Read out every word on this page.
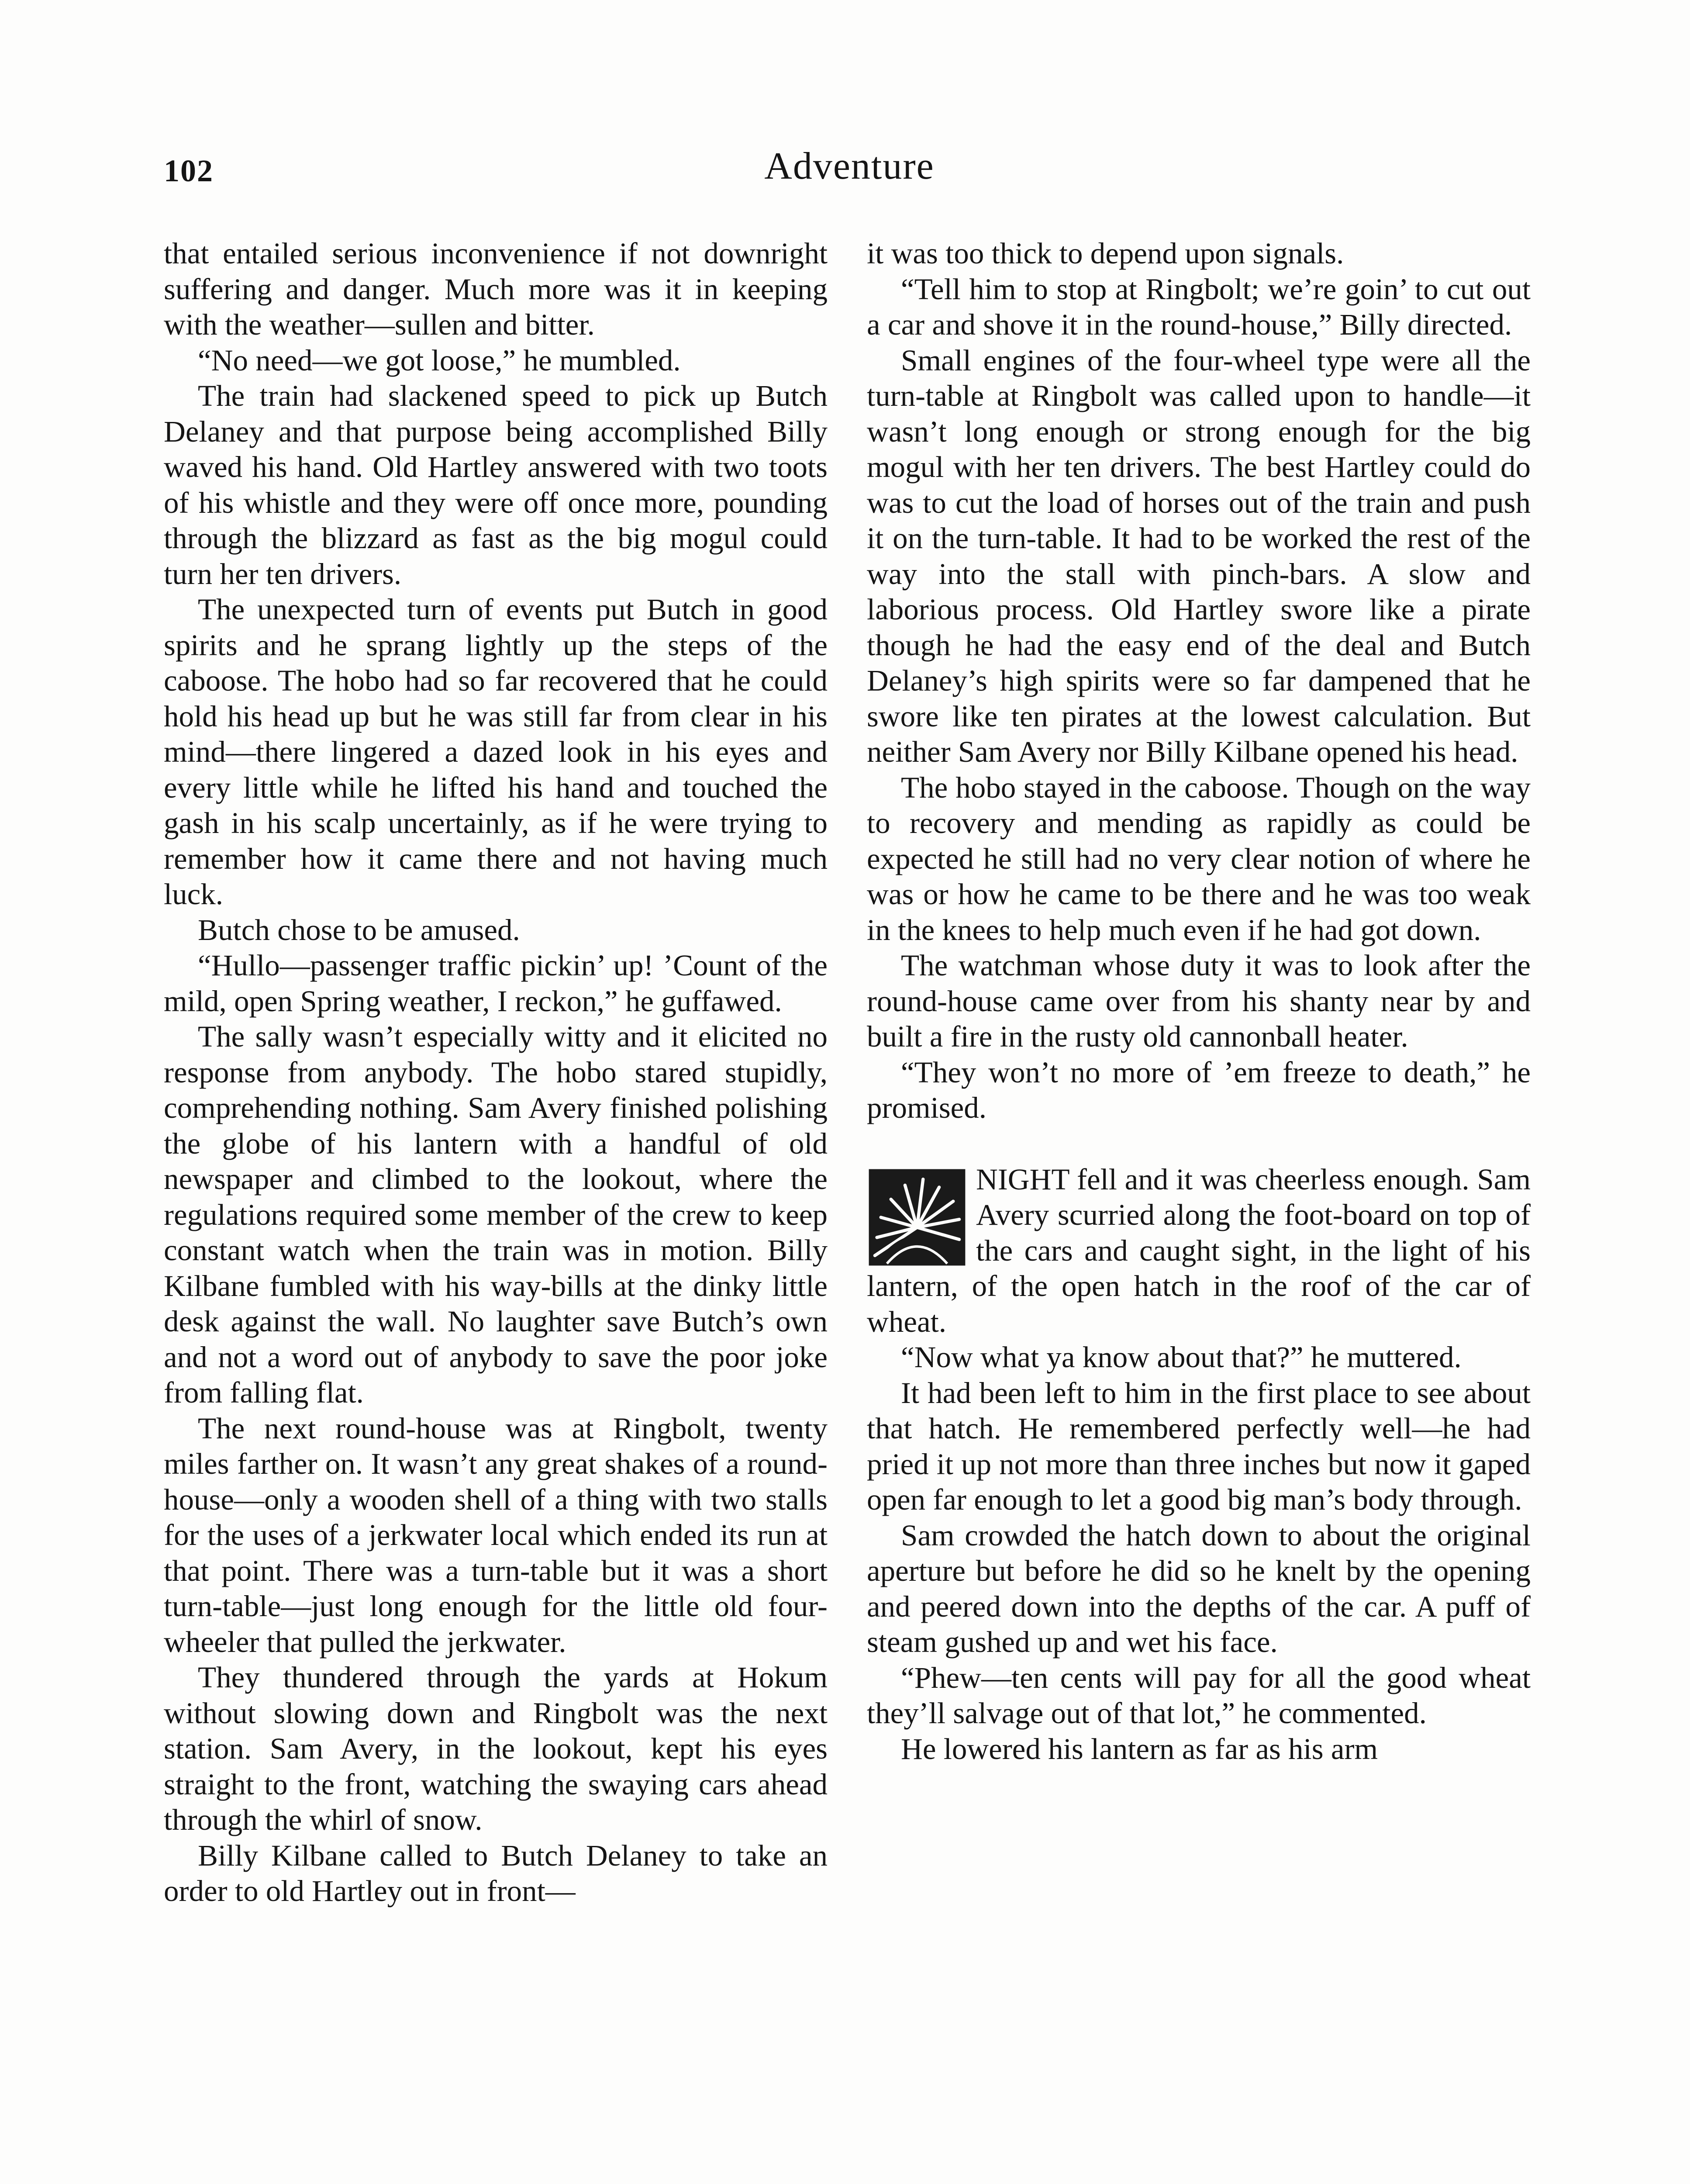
102	Adventure

that entailed serious inconvenience if not downright suffering and danger. Much more was it in keeping with the weather—sullen and bitter.

“No need—we got loose,” he mumbled.

The train had slackened speed to pick up Butch Delaney and that purpose being accomplished Billy waved his hand. Old Hartley answered with two toots of his whistle and they were off once more, pounding through the blizzard as fast as the big mogul could turn her ten drivers.

The unexpected turn of events put Butch in good spirits and he sprang lightly up the steps of the caboose. The hobo had so far recovered that he could hold his head up but he was still far from clear in his mind—there lingered a dazed look in his eyes and every little while he lifted his hand and touched the gash in his scalp uncertainly, as if he were trying to remember how it came there and not having much luck.

Butch chose to be amused.

“Hullo—passenger traffic pickin’ up! ’Count of the mild, open Spring weather, I reckon,” he guffawed.

The sally wasn’t especially witty and it elicited no response from anybody. The hobo stared stupidly, comprehending nothing. Sam Avery finished polishing the globe of his lantern with a handful of old newspaper and climbed to the lookout, where the regulations required some member of the crew to keep constant watch when the train was in motion. Billy Kilbane fumbled with his way-bills at the dinky little desk against the wall. No laughter save Butch’s own and not a word out of anybody to save the poor joke from falling flat.

The next round-house was at Ringbolt, twenty miles farther on. It wasn’t any great shakes of a round-house—only a wooden shell of a thing with two stalls for the uses of a jerkwater local which ended its run at that point. There was a turn-table but it was a short turn-table—just long enough for the little old four-wheeler that pulled the jerkwater.

They thundered through the yards at Hokum without slowing down and Ringbolt was the next station. Sam Avery, in the lookout, kept his eyes straight to the front, watching the swaying cars ahead through the whirl of snow.

Billy Kilbane called to Butch Delaney to take an order to old Hartley out in front—

it was too thick to depend upon signals.

“Tell him to stop at Ringbolt; we’re goin’ to cut out a car and shove it in the round-house,” Billy directed.

Small engines of the four-wheel type were all the turn-table at Ringbolt was called upon to handle—it wasn’t long enough or strong enough for the big mogul with her ten drivers. The best Hartley could do was to cut the load of horses out of the train and push it on the turn-table. It had to be worked the rest of the way into the stall with pinch-bars. A slow and laborious process. Old Hartley swore like a pirate though he had the easy end of the deal and Butch Delaney’s high spirits were so far dampened that he swore like ten pirates at the lowest calculation. But neither Sam Avery nor Billy Kilbane opened his head.

The hobo stayed in the caboose. Though on the way to recovery and mending as rapidly as could be expected he still had no very clear notion of where he was or how he came to be there and he was too weak in the knees to help much even if he had got down.

The watchman whose duty it was to look after the round-house came over from his shanty near by and built a fire in the rusty old cannonball heater.

“They won’t no more of ’em freeze to death,” he promised.

NIGHT fell and it was cheerless enough. Sam Avery scurried along the foot-board on top of the cars and caught sight, in the light of his lantern, of the open hatch in the roof of the car of wheat.

“Now what ya know about that?” he muttered.

It had been left to him in the first place to see about that hatch. He remembered perfectly well—he had pried it up not more than three inches but now it gaped open far enough to let a good big man’s body through.

Sam crowded the hatch down to about the original aperture but before he did so he knelt by the opening and peered down into the depths of the car. A puff of steam gushed up and wet his face.

“Phew—ten cents will pay for all the good wheat they’ll salvage out of that lot,” he commented.

He lowered his lantern as far as his arm
